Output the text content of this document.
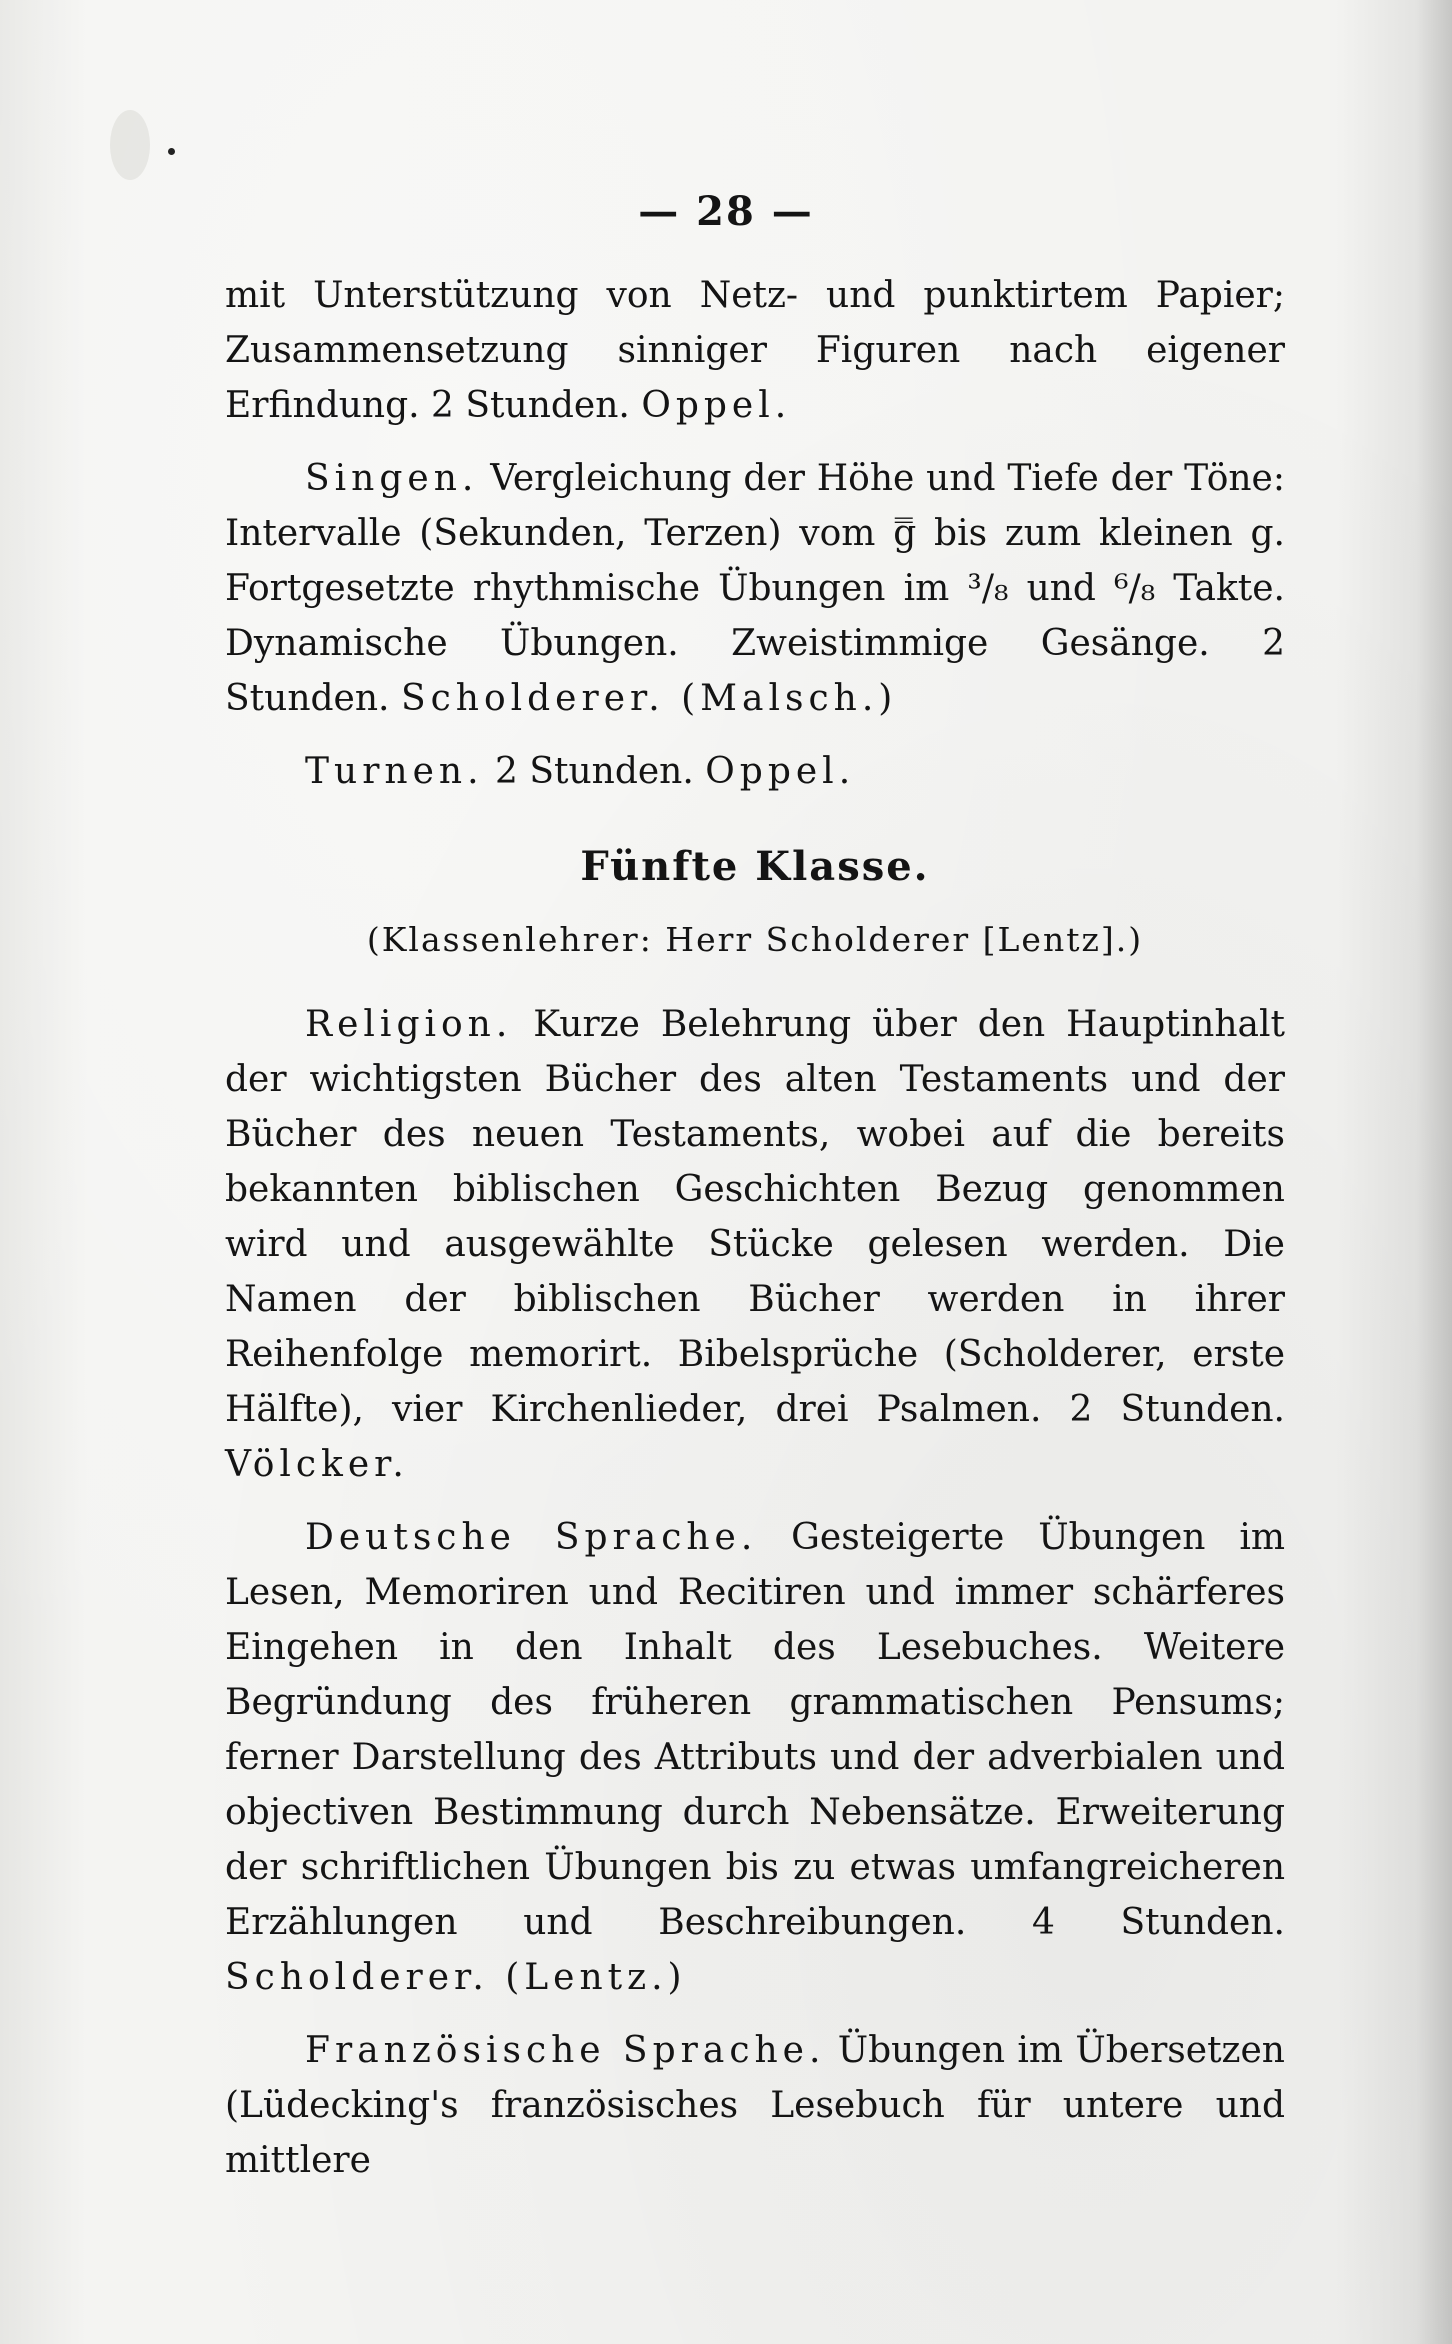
— 28 —

mit Unterstützung von Netz- und punktirtem Papier; Zusammensetzung sinniger Figuren nach eigener Erfindung. 2 Stunden. Oppel.

Singen. Vergleichung der Höhe und Tiefe der Töne: Intervalle (Sekunden, Terzen) vom g̿ bis zum kleinen g. Fortgesetzte rhythmische Übungen im ³/₈ und ⁶/₈ Takte. Dynamische Übungen. Zweistimmige Gesänge. 2 Stunden. Scholderer. (Malsch.)

Turnen. 2 Stunden. Oppel.

Fünfte Klasse.
(Klassenlehrer: Herr Scholderer [Lentz].)

Religion. Kurze Belehrung über den Hauptinhalt der wichtigsten Bücher des alten Testaments und der Bücher des neuen Testaments, wobei auf die bereits bekannten biblischen Geschichten Bezug genommen wird und ausgewählte Stücke gelesen werden. Die Namen der biblischen Bücher werden in ihrer Reihenfolge memorirt. Bibelsprüche (Scholderer, erste Hälfte), vier Kirchenlieder, drei Psalmen. 2 Stunden. Völcker.

Deutsche Sprache. Gesteigerte Übungen im Lesen, Memoriren und Recitiren und immer schärferes Eingehen in den Inhalt des Lesebuches. Weitere Begründung des früheren grammatischen Pensums; ferner Darstellung des Attributs und der adverbialen und objectiven Bestimmung durch Nebensätze. Erweiterung der schriftlichen Übungen bis zu etwas umfangreicheren Erzählungen und Beschreibungen. 4 Stunden. Scholderer. (Lentz.)

Französische Sprache. Übungen im Übersetzen (Lüdecking's französisches Lesebuch für untere und mittlere
